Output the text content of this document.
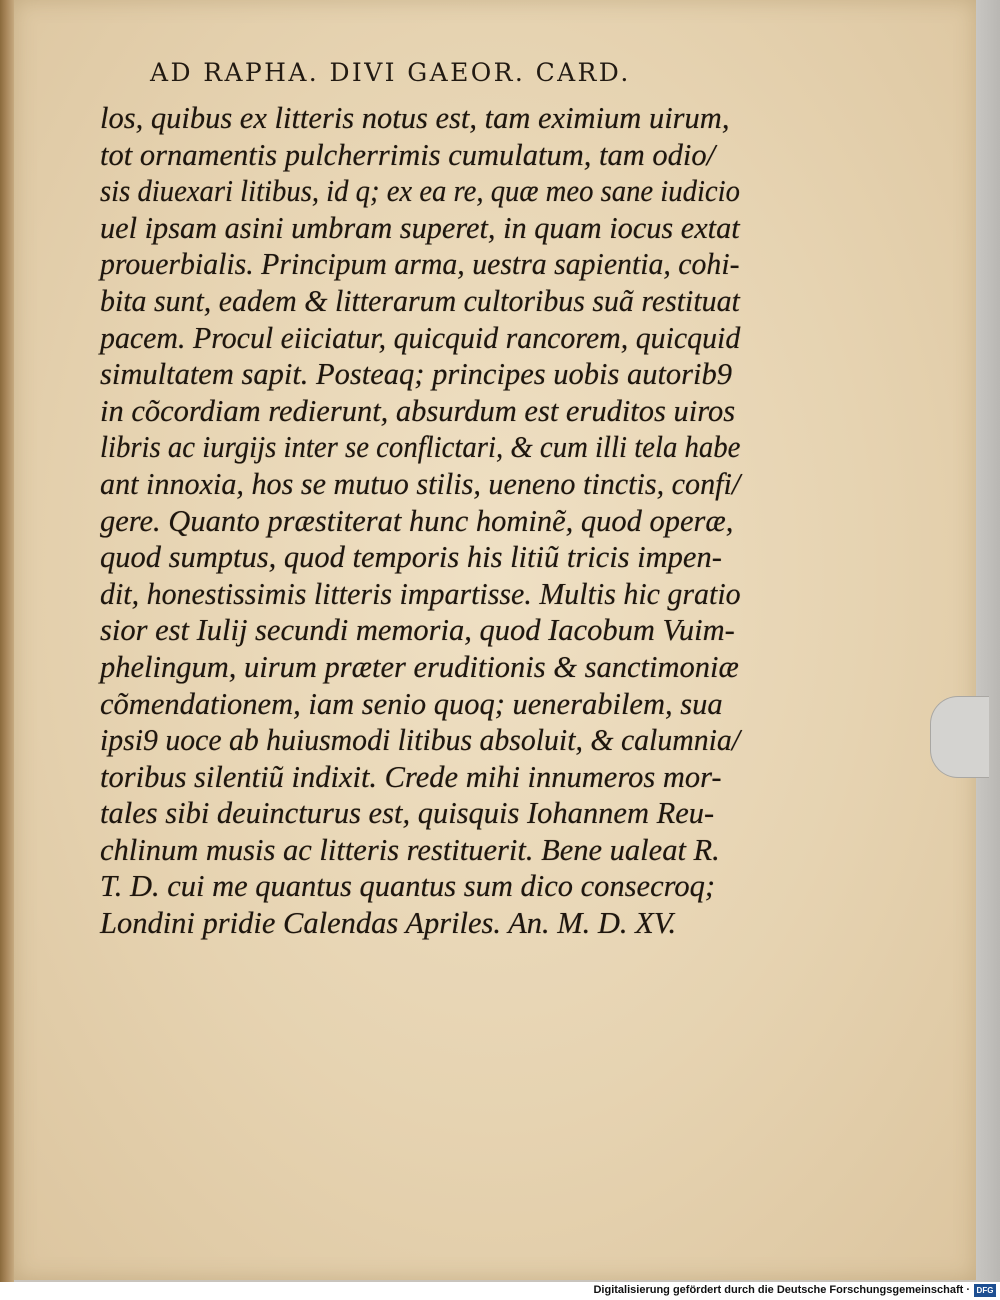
AD RAPHA. DIVI GAEOR. CARD.
los, quibus ex litteris notus est, tam eximium uirum,
tot ornamentis pulcherrimis cumulatum, tam odio/
sis diuexari litibus, id q; ex ea re, quæ meo sane iudicio
uel ipsam asini umbram superet, in quam iocus extat
prouerbialis. Principum arma, uestra sapientia, cohi-
bita sunt, eadem & litterarum cultoribus suã restituat
pacem. Procul eiiciatur, quicquid rancorem, quicquid
simultatem sapit. Posteaq; principes uobis autorib9
in cõcordiam redierunt, absurdum est eruditos uiros
libris ac iurgijs inter se conflictari, & cum illi tela habe
ant innoxia, hos se mutuo stilis, ueneno tinctis, confi/
gere. Quanto præstiterat hunc hominẽ, quod operæ,
quod sumptus, quod temporis his litiũ tricis impen-
dit, honestissimis litteris impartisse. Multis hic gratio
sior est Iulij secundi memoria, quod Iacobum Vuim-
phelingum, uirum præter eruditionis & sanctimoniæ
cõmendationem, iam senio quoq; uenerabilem, sua
ipsi9 uoce ab huiusmodi litibus absoluit, & calumnia/
toribus silentiũ indixit. Crede mihi innumeros mor-
tales sibi deuincturus est, quisquis Iohannem Reu-
chlinum musis ac litteris restituerit. Bene ualeat R.
T. D. cui me quantus quantus sum dico consecroq;
Londini pridie Calendas Apriles. An. M. D. XV.
Digitalisierung gefördert durch die Deutsche Forschungsgemeinschaft · DFG
